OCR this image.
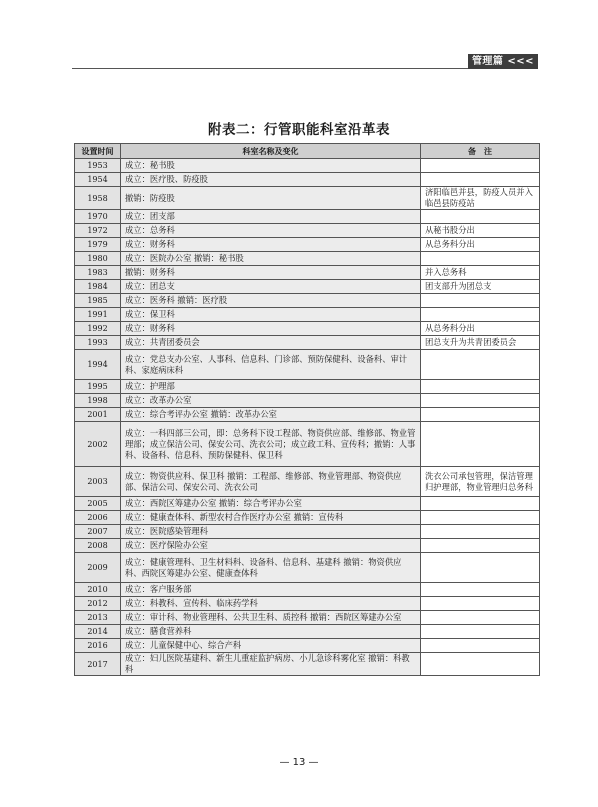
管理篇 <<<
附表二：行管职能科室沿革表
设置时间	科室名称及变化	备　注
1953	成立：秘书股	
1954	成立：医疗股、防疫股	
1958	撤销：防疫股	济阳临邑并县，防疫人员并入临邑县防疫站
1970	成立：团支部	
1972	成立：总务科	从秘书股分出
1979	成立：财务科	从总务科分出
1980	成立：医院办公室 撤销：秘书股	
1983	撤销：财务科	并入总务科
1984	成立：团总支	团支部升为团总支
1985	成立：医务科 撤销：医疗股	
1991	成立：保卫科	
1992	成立：财务科	从总务科分出
1993	成立：共青团委员会	团总支升为共青团委员会
1994	成立：党总支办公室、人事科、信息科、门诊部、预防保健科、设备科、审计科、家庭病床科	
1995	成立：护理部	
1998	成立：改革办公室	
2001	成立：综合考评办公室 撤销：改革办公室	
2002	成立：一科四部三公司，即：总务科下设工程部、物资供应部、维修部、物业管理部；成立保洁公司、保安公司、洗衣公司；成立政工科、宣传科；撤销：人事科、设备科、信息科、预防保健科、保卫科	
2003	成立：物资供应科、保卫科 撤销：工程部、维修部、物业管理部、物资供应部、保洁公司、保安公司、洗衣公司	洗衣公司承包管理，保洁管理归护理部，物业管理归总务科
2005	成立：西院区筹建办公室 撤销：综合考评办公室	
2006	成立：健康查体科、新型农村合作医疗办公室 撤销：宣传科	
2007	成立：医院感染管理科	
2008	成立：医疗保险办公室	
2009	成立：健康管理科、卫生材料科、设备科、信息科、基建科 撤销：物资供应科、西院区筹建办公室、健康查体科	
2010	成立：客户服务部	
2012	成立：科教科、宣传科、临床药学科	
2013	成立：审计科、物业管理科、公共卫生科、质控科 撤销：西院区筹建办公室	
2014	成立：膳食营养科	
2016	成立：儿童保健中心、综合产科	
2017	成立：妇儿医院基建科、新生儿重症监护病房、小儿急诊科雾化室 撤销：科教科	
— 13 —
